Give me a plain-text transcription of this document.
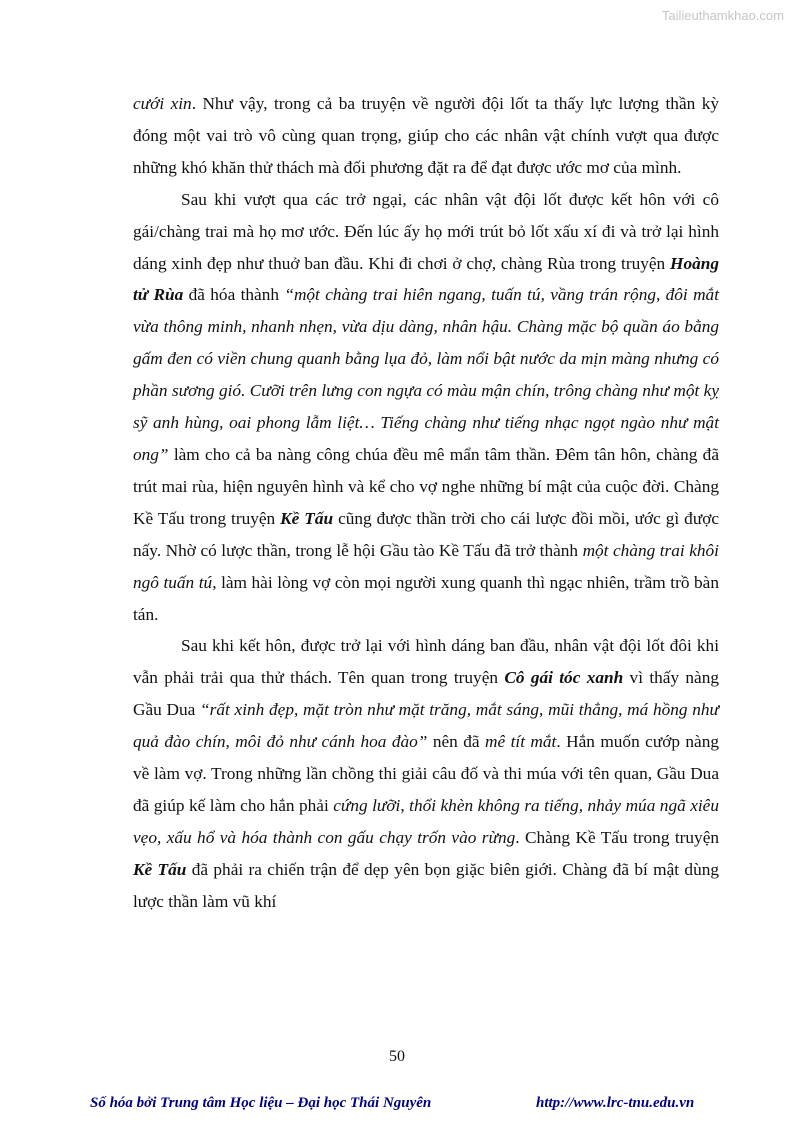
Tailieuthamkhao.com

cưới xin. Như vậy, trong cả ba truyện về người đội lốt ta thấy lực lượng thần kỳ đóng một vai trò vô cùng quan trọng, giúp cho các nhân vật chính vượt qua được những khó khăn thử thách mà đối phương đặt ra để đạt được ước mơ của mình.

Sau khi vượt qua các trở ngại, các nhân vật đội lốt được kết hôn với cô gái/chàng trai mà họ mơ ước. Đến lúc ấy họ mới trút bỏ lốt xấu xí đi và trở lại hình dáng xinh đẹp như thuở ban đầu. Khi đi chơi ở chợ, chàng Rùa trong truyện Hoàng tử Rùa đã hóa thành “một chàng trai hiên ngang, tuấn tú, vầng trán rộng, đôi mắt vừa thông minh, nhanh nhẹn, vừa dịu dàng, nhân hậu. Chàng mặc bộ quần áo bằng gấm đen có viền chung quanh bằng lụa đỏ, làm nổi bật nước da mịn màng nhưng có phần sương gió. Cưỡi trên lưng con ngựa có màu mận chín, trông chàng như một kỵ sỹ anh hùng, oai phong lẫm liệt… Tiếng chàng như tiếng nhạc ngọt ngào như mật ong” làm cho cả ba nàng công chúa đều mê mẩn tâm thần. Đêm tân hôn, chàng đã trút mai rùa, hiện nguyên hình và kể cho vợ nghe những bí mật của cuộc đời. Chàng Kề Tấu trong truyện Kề Tấu cũng được thần trời cho cái lược đồi mồi, ước gì được nấy. Nhờ có lược thần, trong lễ hội Gầu tào Kề Tấu đã trở thành một chàng trai khôi ngô tuấn tú, làm hài lòng vợ còn mọi người xung quanh thì ngạc nhiên, trầm trồ bàn tán.

Sau khi kết hôn, được trở lại với hình dáng ban đầu, nhân vật đội lốt đôi khi vẫn phải trải qua thử thách. Tên quan trong truyện Cô gái tóc xanh vì thấy nàng Gầu Dua “rất xinh đẹp, mặt tròn như mặt trăng, mắt sáng, mũi thẳng, má hồng như quả đào chín, môi đỏ như cánh hoa đào” nên đã mê tít mắt. Hắn muốn cướp nàng về làm vợ. Trong những lần chồng thi giải câu đố và thi múa với tên quan, Gầu Dua đã giúp kế làm cho hắn phải cứng lưỡi, thổi khèn không ra tiếng, nhảy múa ngã xiêu vẹo, xấu hổ và hóa thành con gấu chạy trốn vào rừng. Chàng Kề Tấu trong truyện Kề Tấu đã phải ra chiến trận để dẹp yên bọn giặc biên giới. Chàng đã bí mật dùng lược thần làm vũ khí

50
Số hóa bởi Trung tâm Học liệu – Đại học Thái Nguyên	http://www.lrc-tnu.edu.vn
